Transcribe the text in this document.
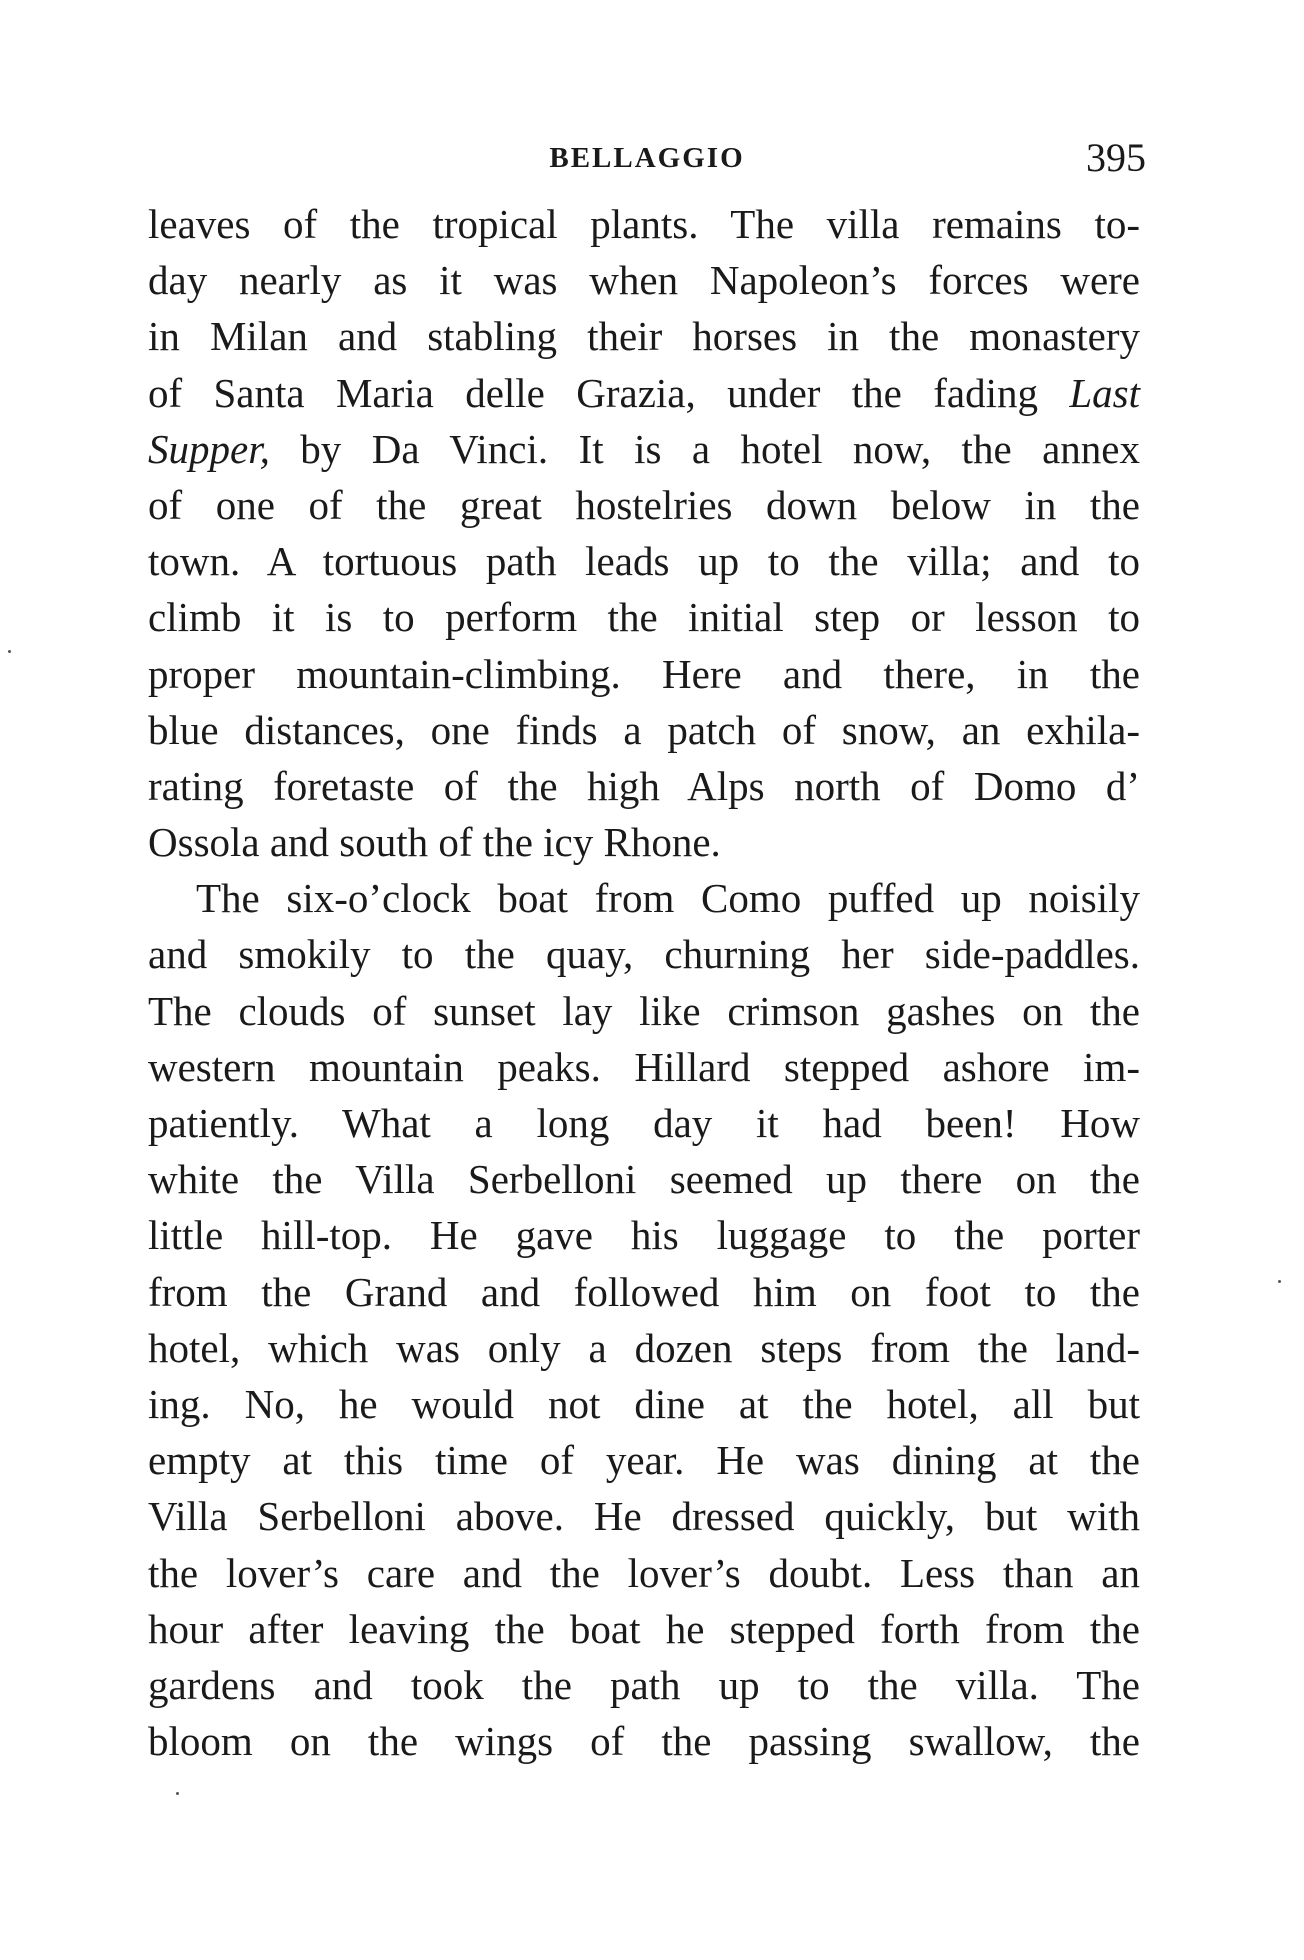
BELLAGGIO	395
leaves of the tropical plants. The villa remains to-
day nearly as it was when Napoleon’s forces were
in Milan and stabling their horses in the monastery
of Santa Maria delle Grazia, under the fading Last
Supper, by Da Vinci. It is a hotel now, the annex
of one of the great hostelries down below in the
town. A tortuous path leads up to the villa; and to
climb it is to perform the initial step or lesson to
proper mountain-climbing. Here and there, in the
blue distances, one finds a patch of snow, an exhila-
rating foretaste of the high Alps north of Domo d’
Ossola and south of the icy Rhone.
The six-o’clock boat from Como puffed up noisily
and smokily to the quay, churning her side-paddles.
The clouds of sunset lay like crimson gashes on the
western mountain peaks. Hillard stepped ashore im-
patiently. What a long day it had been! How
white the Villa Serbelloni seemed up there on the
little hill-top. He gave his luggage to the porter
from the Grand and followed him on foot to the
hotel, which was only a dozen steps from the land-
ing. No, he would not dine at the hotel, all but
empty at this time of year. He was dining at the
Villa Serbelloni above. He dressed quickly, but with
the lover’s care and the lover’s doubt. Less than an
hour after leaving the boat he stepped forth from the
gardens and took the path up to the villa. The
bloom on the wings of the passing swallow, the
